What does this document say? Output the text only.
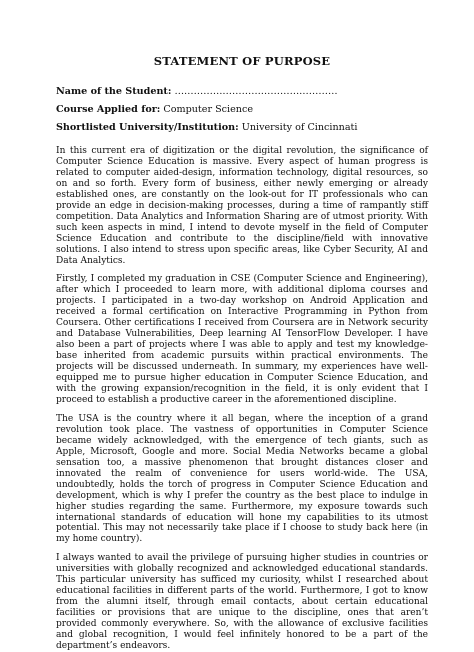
STATEMENT OF PURPOSE
Name of the Student: ……………………………………………
Course Applied for: Computer Science
Shortlisted University/Institution: University of Cincinnati

In this current era of digitization or the digital revolution, the significance of Computer Science Education is massive. Every aspect of human progress is related to computer aided-design, information technology, digital resources, so on and so forth. Every form of business, either newly emerging or already established ones, are constantly on the look-out for IT professionals who can provide an edge in decision-making processes, during a time of rampantly stiff competition. Data Analytics and Information Sharing are of utmost priority. With such keen aspects in mind, I intend to devote myself in the field of Computer Science Education and contribute to the discipline/field with innovative solutions. I also intend to stress upon specific areas, like Cyber Security, AI and Data Analytics.

Firstly, I completed my graduation in CSE (Computer Science and Engineering), after which I proceeded to learn more, with additional diploma courses and projects. I participated in a two-day workshop on Android Application and received a formal certification on Interactive Programming in Python from Coursera. Other certifications I received from Coursera are in Network security and Database Vulnerabilities, Deep learning AI TensorFlow Developer. I have also been a part of projects where I was able to apply and test my knowledge-base inherited from academic pursuits within practical environments. The projects will be discussed underneath. In summary, my experiences have well-equipped me to pursue higher education in Computer Science Education, and with the growing expansion/recognition in the field, it is only evident that I proceed to establish a productive career in the aforementioned discipline.

The USA is the country where it all began, where the inception of a grand revolution took place. The vastness of opportunities in Computer Science became widely acknowledged, with the emergence of tech giants, such as Apple, Microsoft, Google and more. Social Media Networks became a global sensation too, a massive phenomenon that brought distances closer and innovated the realm of convenience for users world-wide. The USA, undoubtedly, holds the torch of progress in Computer Science Education and development, which is why I prefer the country as the best place to indulge in higher studies regarding the same. Furthermore, my exposure towards such international standards of education will hone my capabilities to its utmost potential. This may not necessarily take place if I choose to study back here (in my home country).

I always wanted to avail the privilege of pursuing higher studies in countries or universities with globally recognized and acknowledged educational standards. This particular university has sufficed my curiosity, whilst I researched about educational facilities in different parts of the world. Furthermore, I got to know from the alumni itself, through email contacts, about certain educational facilities or provisions that are unique to the discipline, ones that aren’t provided commonly everywhere. So, with the allowance of exclusive facilities and global recognition, I would feel infinitely honored to be a part of the department’s endeavors.
